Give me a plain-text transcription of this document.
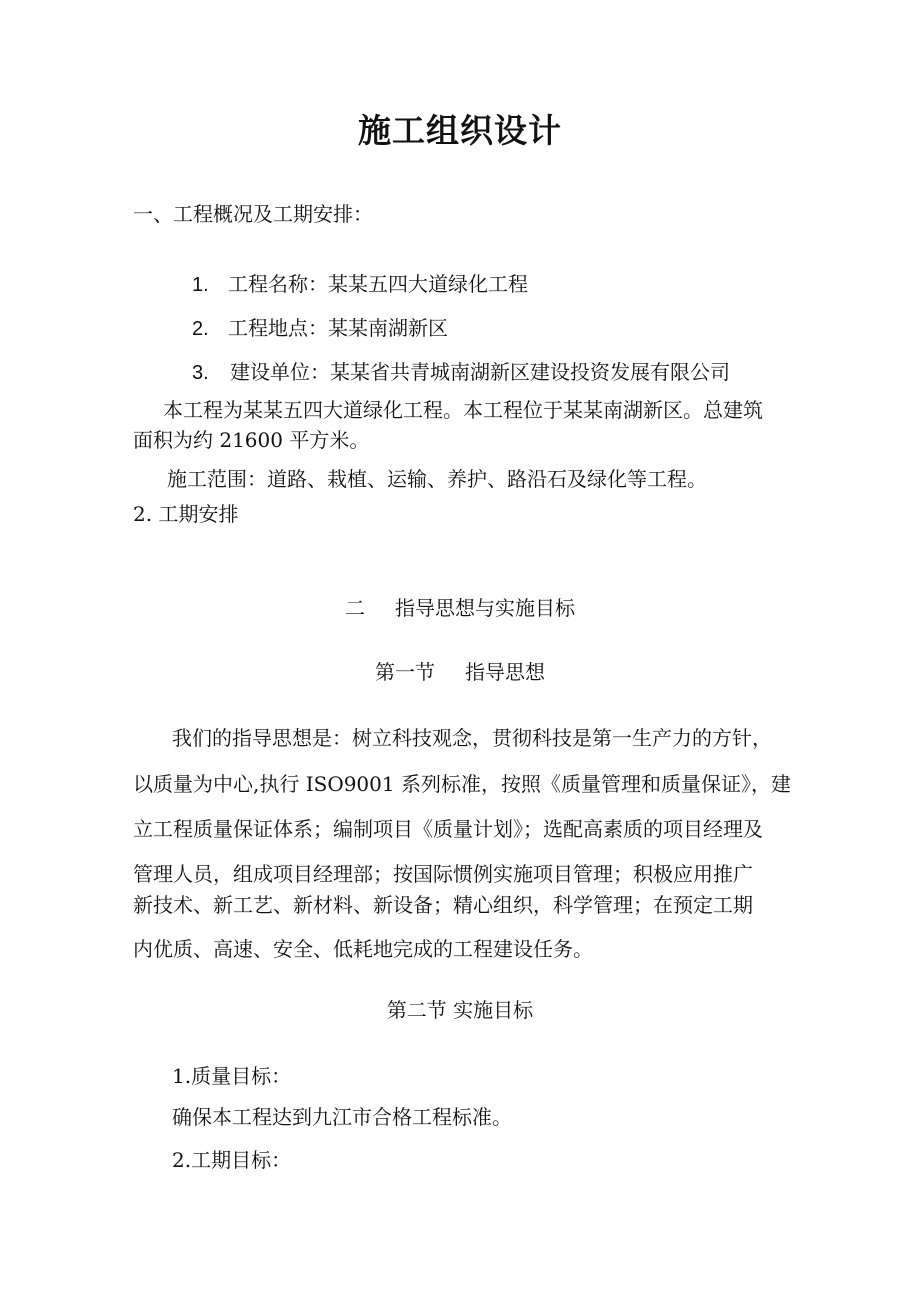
施工组织设计
一、工程概况及工期安排：
1. 工程名称：某某五四大道绿化工程
2. 工程地点：某某南湖新区
3. 建设单位：某某省共青城南湖新区建设投资发展有限公司
本工程为某某五四大道绿化工程。本工程位于某某南湖新区。总建筑
面积为约 21600 平方米。
施工范围：道路、栽植、运输、养护、路沿石及绿化等工程。
2. 工期安排
二 指导思想与实施目标
第一节 指导思想
我们的指导思想是：树立科技观念，贯彻科技是第一生产力的方针，
以质量为中心,执行 ISO9001 系列标准，按照《质量管理和质量保证》，建
立工程质量保证体系；编制项目《质量计划》；选配高素质的项目经理及
管理人员，组成项目经理部；按国际惯例实施项目管理；积极应用推广
新技术、新工艺、新材料、新设备；精心组织，科学管理；在预定工期
内优质、高速、安全、低耗地完成的工程建设任务。
第二节 实施目标
1.质量目标：
确保本工程达到九江市合格工程标准。
2.工期目标：
